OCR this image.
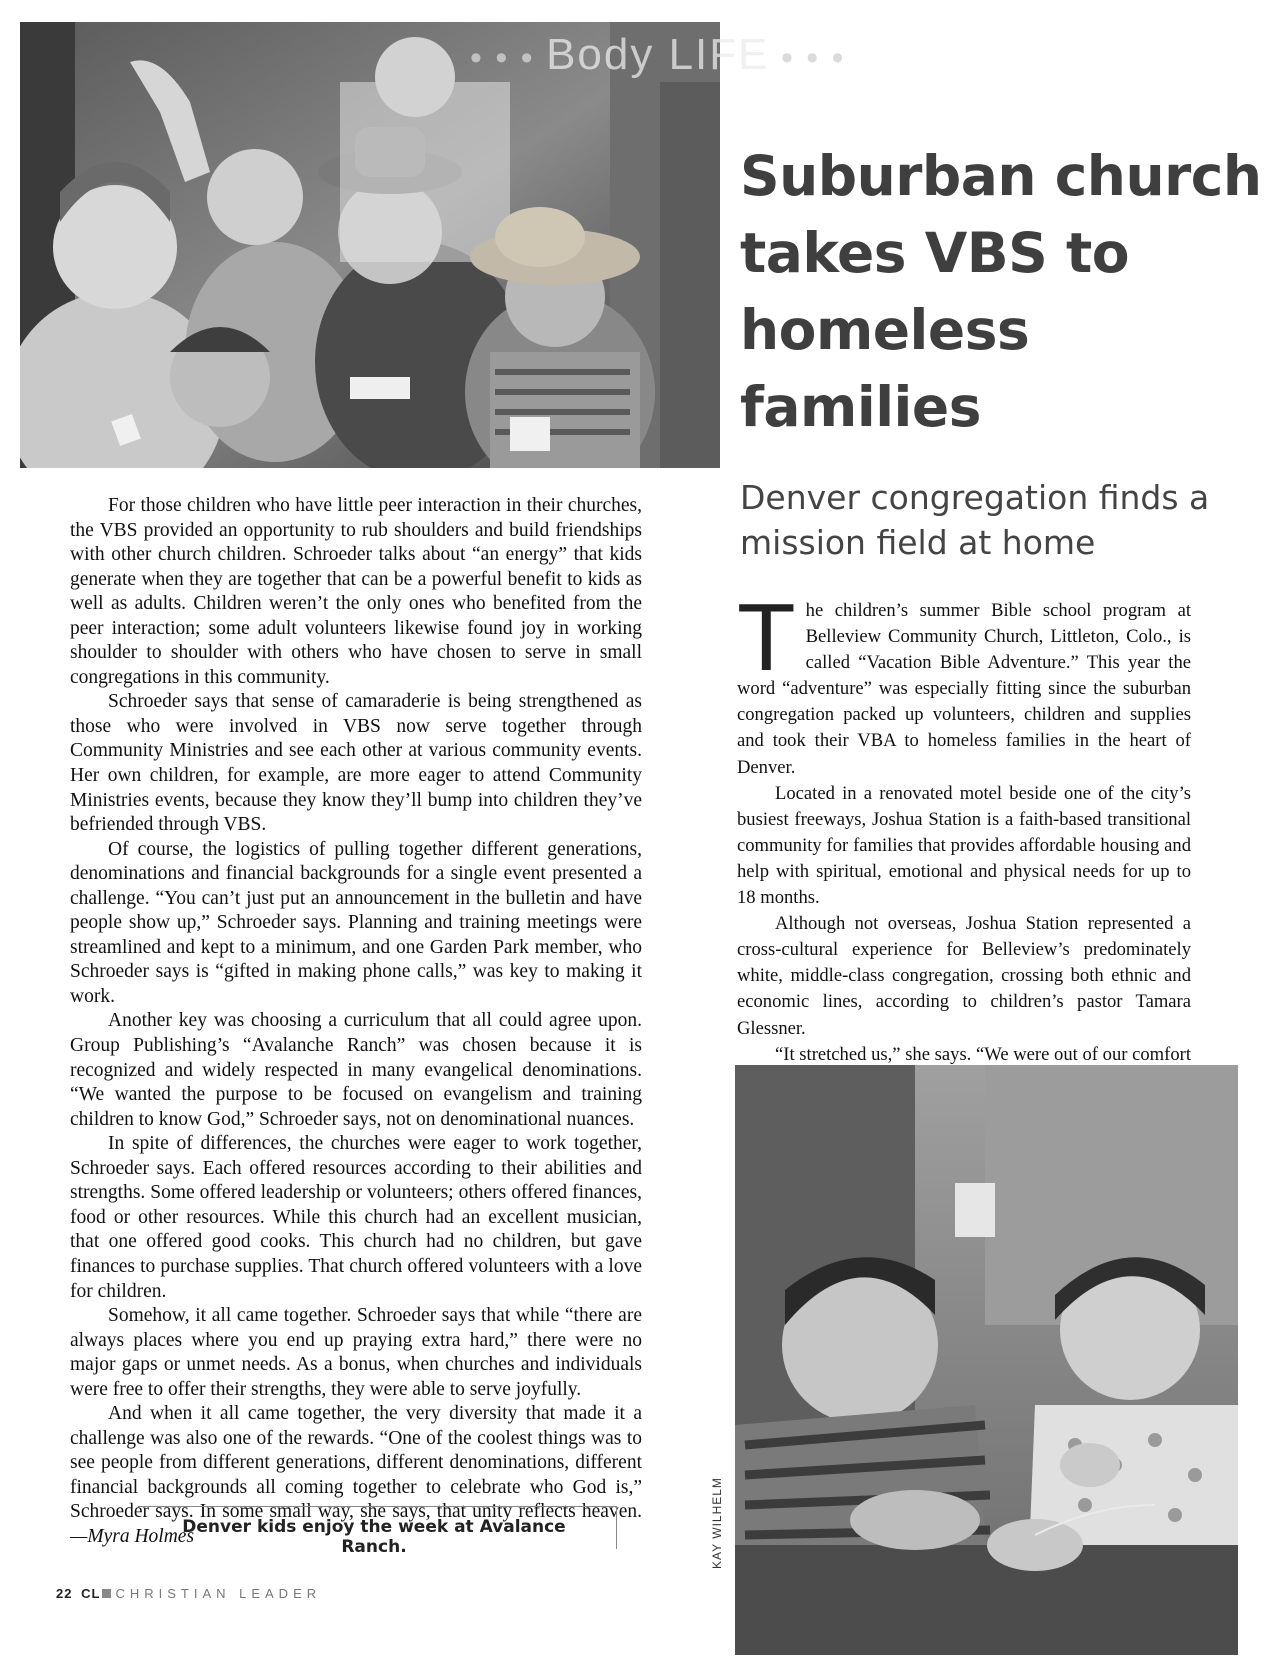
• • • Body LIFE • • •
Suburban church takes VBS to homeless families
Denver congregation finds a mission field at home

For those children who have little peer interaction in their churches, the VBS provided an opportunity to rub shoulders and build friendships with other church children. Schroeder talks about “an energy” that kids generate when they are together that can be a powerful benefit to kids as well as adults. Children weren’t the only ones who benefited from the peer interaction; some adult volunteers likewise found joy in working shoulder to shoulder with others who have chosen to serve in small congregations in this community.

Schroeder says that sense of camaraderie is being strengthened as those who were involved in VBS now serve together through Community Ministries and see each other at various community events. Her own children, for example, are more eager to attend Community Ministries events, because they know they’ll bump into children they’ve befriended through VBS.

Of course, the logistics of pulling together different generations, denominations and financial backgrounds for a single event presented a challenge. “You can’t just put an announcement in the bulletin and have people show up,” Schroeder says. Planning and training meetings were streamlined and kept to a minimum, and one Garden Park member, who Schroeder says is “gifted in making phone calls,” was key to making it work.

Another key was choosing a curriculum that all could agree upon. Group Publishing’s “Avalanche Ranch” was chosen because it is recognized and widely respected in many evangelical denominations. “We wanted the purpose to be focused on evangelism and training children to know God,” Schroeder says, not on denominational nuances.

In spite of differences, the churches were eager to work together, Schroeder says. Each offered resources according to their abilities and strengths. Some offered leadership or volunteers; others offered finances, food or other resources. While this church had an excellent musician, that one offered good cooks. This church had no children, but gave finances to purchase supplies. That church offered volunteers with a love for children.

Somehow, it all came together. Schroeder says that while “there are always places where you end up praying extra hard,” there were no major gaps or unmet needs. As a bonus, when churches and individuals were free to offer their strengths, they were able to serve joyfully.

And when it all came together, the very diversity that made it a challenge was also one of the rewards. “One of the coolest things was to see people from different generations, different denominations, different financial backgrounds all coming together to celebrate who God is,” Schroeder says. In some small way, she says, that unity reflects heaven.—Myra Holmes

The children’s summer Bible school program at Belleview Community Church, Littleton, Colo., is called “Vacation Bible Adventure.” This year the word “adventure” was especially fitting since the suburban congregation packed up volunteers, children and supplies and took their VBA to homeless families in the heart of Denver.

Located in a renovated motel beside one of the city’s busiest freeways, Joshua Station is a faith-based transitional community for families that provides affordable housing and help with spiritual, emotional and physical needs for up to 18 months.

Although not overseas, Joshua Station represented a cross-cultural experience for Belleview’s predominately white, middle-class congregation, crossing both ethnic and economic lines, according to children’s pastor Tamara Glessner.

“It stretched us,” she says. “We were out of our comfort

Denver kids enjoy the week at Avalance Ranch.	KAY WILHELM
22 CL CHRISTIAN LEADER
